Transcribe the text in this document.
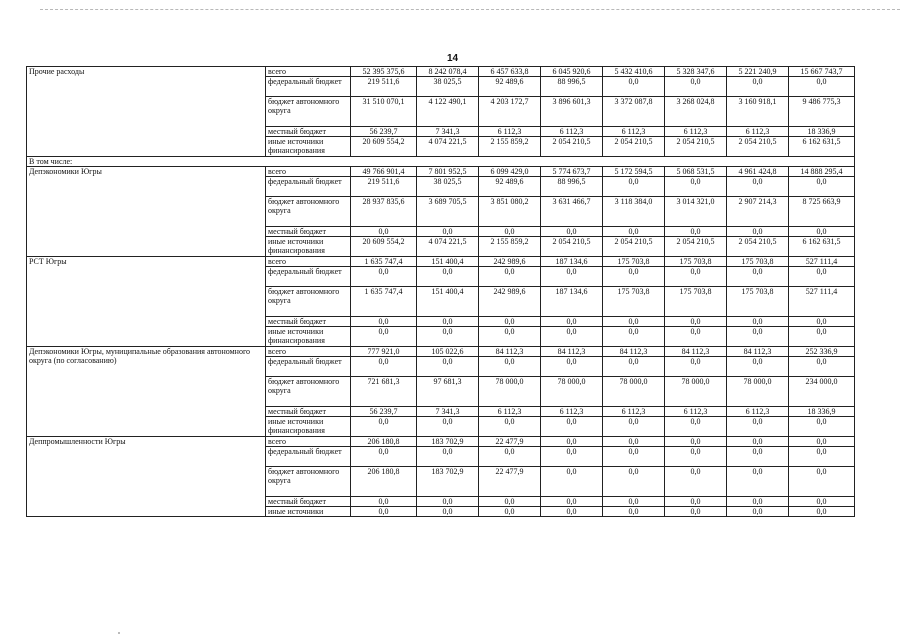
14
Прочие расходы	всего	52 395 375,6	8 242 078,4	6 457 633,8	6 045 920,6	5 432 410,6	5 328 347,6	5 221 240,9	15 667 743,7
	федеральный бюджет	219 511,6	38 025,5	92 489,6	88 996,5	0,0	0,0	0,0	0,0
	бюджет автономного округа	31 510 070,1	4 122 490,1	4 203 172,7	3 896 601,3	3 372 087,8	3 268 024,8	3 160 918,1	9 486 775,3
	местный бюджет	56 239,7	7 341,3	6 112,3	6 112,3	6 112,3	6 112,3	6 112,3	18 336,9
	иные источники финансирования	20 609 554,2	4 074 221,5	2 155 859,2	2 054 210,5	2 054 210,5	2 054 210,5	2 054 210,5	6 162 631,5
В том числе:									
Депэкономики Югры	всего	49 766 901,4	7 801 952,5	6 099 429,0	5 774 673,7	5 172 594,5	5 068 531,5	4 961 424,8	14 888 295,4
	федеральный бюджет	219 511,6	38 025,5	92 489,6	88 996,5	0,0	0,0	0,0	0,0
	бюджет автономного округа	28 937 835,6	3 689 705,5	3 851 080,2	3 631 466,7	3 118 384,0	3 014 321,0	2 907 214,3	8 725 663,9
	местный бюджет	0,0	0,0	0,0	0,0	0,0	0,0	0,0	0,0
	иные источники финансирования	20 609 554,2	4 074 221,5	2 155 859,2	2 054 210,5	2 054 210,5	2 054 210,5	2 054 210,5	6 162 631,5
РСТ Югры	всего	1 635 747,4	151 400,4	242 989,6	187 134,6	175 703,8	175 703,8	175 703,8	527 111,4
	федеральный бюджет	0,0	0,0	0,0	0,0	0,0	0,0	0,0	0,0
	бюджет автономного округа	1 635 747,4	151 400,4	242 989,6	187 134,6	175 703,8	175 703,8	175 703,8	527 111,4
	местный бюджет	0,0	0,0	0,0	0,0	0,0	0,0	0,0	0,0
	иные источники финансирования	0,0	0,0	0,0	0,0	0,0	0,0	0,0	0,0
Депэкономики Югры, муниципальные образования автономного округа (по согласованию)	всего	777 921,0	105 022,6	84 112,3	84 112,3	84 112,3	84 112,3	84 112,3	252 336,9
	федеральный бюджет	0,0	0,0	0,0	0,0	0,0	0,0	0,0	0,0
	бюджет автономного округа	721 681,3	97 681,3	78 000,0	78 000,0	78 000,0	78 000,0	78 000,0	234 000,0
	местный бюджет	56 239,7	7 341,3	6 112,3	6 112,3	6 112,3	6 112,3	6 112,3	18 336,9
	иные источники финансирования	0,0	0,0	0,0	0,0	0,0	0,0	0,0	0,0
Деппромышленности Югры	всего	206 180,8	183 702,9	22 477,9	0,0	0,0	0,0	0,0	0,0
	федеральный бюджет	0,0	0,0	0,0	0,0	0,0	0,0	0,0	0,0
	бюджет автономного округа	206 180,8	183 702,9	22 477,9	0,0	0,0	0,0	0,0	0,0
	местный бюджет	0,0	0,0	0,0	0,0	0,0	0,0	0,0	0,0
	иные источники	0,0	0,0	0,0	0,0	0,0	0,0	0,0	0,0
